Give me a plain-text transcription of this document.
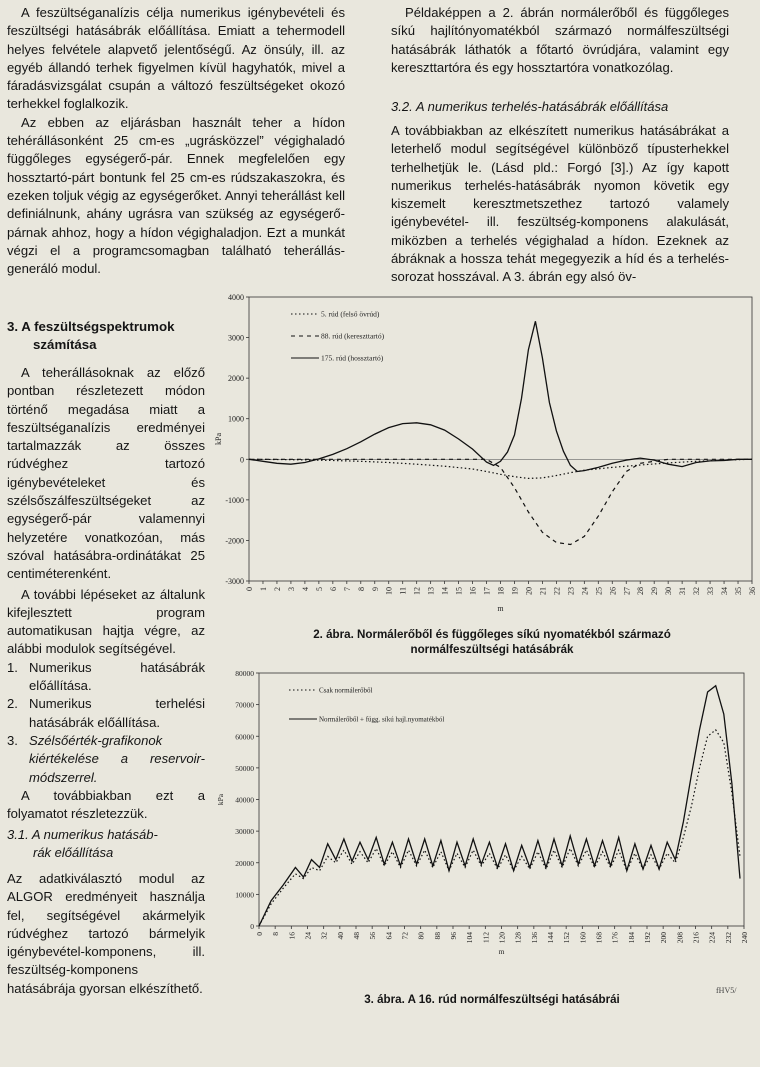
A feszültséganalízis célja numerikus igénybevételi és feszültségi hatásábrák előállítása. Emiatt a tehermodell helyes felvétele alapvető jelentőségű. Az önsúly, ill. az egyéb állandó terhek figyelmen kívül hagyhatók, mivel a fáradásvizsgálat csupán a változó feszültségeket okozó terhekkel foglalkozik.

Az ebben az eljárásban használt teher a hídon tehérállásonként 25 cm-es „ugrásközzel” végighaladó függőleges egységerő-pár. Ennek megfelelően egy hossztartó-párt bontunk fel 25 cm-es rúdszakaszokra, és ezeken toljuk végig az egységerőket. Annyi teherállást kell definiálnunk, ahány ugrásra van szükség az egységerő-párnak ahhoz, hogy a hídon végighaladjon. Ezt a munkát végzi el a programcsomagban található teherállás-generáló modul.

Példaképpen a 2. ábrán normálerőből és függőleges síkú hajlítónyomatékból származó normálfeszültségi hatásábrák láthatók a főtartó övrúdjára, valamint egy kereszttartóra és egy hossztartóra vonatkozólag.

3.2. A numerikus terhelés-hatásábrák előállítása

A továbbiakban az elkészített numerikus hatásábrákat a leterhelő modul segítségével különböző típusterhekkel terhelhetjük le. (Lásd pld.: Forgó [3].) Az így kapott numerikus terhelés-hatásábrák nyomon követik egy kiszemelt keresztmetszethez tartozó valamely igénybevétel- ill. feszültség-komponens alakulását, miközben a terhelés végighalad a hídon. Ezeknek az ábráknak a hossza tehát megegyezik a híd és a terhelés-sorozat hosszával. A 3. ábrán egy alsó öv-

3. A feszültségspektrumok
számítása

A teherállásoknak az előző pontban részletezett módon történő megadása miatt a feszültséganalízis eredményei tartalmazzák az összes rúdvéghez tartozó igénybevételeket és szélsőszálfeszültségeket az egységerő-pár valamennyi helyzetére vonatkozóan, más szóval hatásábra-ordinátákat 25 centiméterenként.

A további lépéseket az általunk kifejlesztett program automatikusan hajtja végre, az alábbi modulok segítségével.

1. Numerikus hatásábrák előállítása.
2. Numerikus terhelési hatásábrák előállítása.
3. Szélsőérték-grafikonok kiértékelése a reservoir-módszerrel.

A továbbiakban ezt a folyamatot részletezzük.

3.1. A numerikus hatásáb-
rák előállítása

Az adatkiválasztó modul az ALGOR eredményeit használja fel, segítségével akármelyik rúdvéghez tartozó bármelyik igénybevétel-komponens, ill. feszültség-komponens hatásábrája gyorsan elkészíthető.

4000
3000
2000
1000
0
-1000
-2000
-3000
0 1 2 3 4 5 6 7 8 9 10 11 12 13 14 15 16 17 18 19 20 21 22 23 24 25 26 27 28 29 30 31 32 33 34 35 36
m
kPa
5. rúd (felső övrúd)
88. rúd (kereszttartó)
175. rúd (hossztartó)
2. ábra. Normálerőből és függőleges síkú nyomatékból származó
normálfeszültségi hatásábrák
80000
70000
60000
50000
40000
30000
20000
10000
0
0 8 16 24 32 40 48 56 64 72 80 88 96 104 112 120 128 136 144 152 160 168 176 184 192 200 208 216 224 232 240
m
kPa
Csak normálerőből
Normálerőből + függ. síkú hajl.nyomatékból
3. ábra. A 16. rúd normálfeszültségi hatásábrái
fHV5/
